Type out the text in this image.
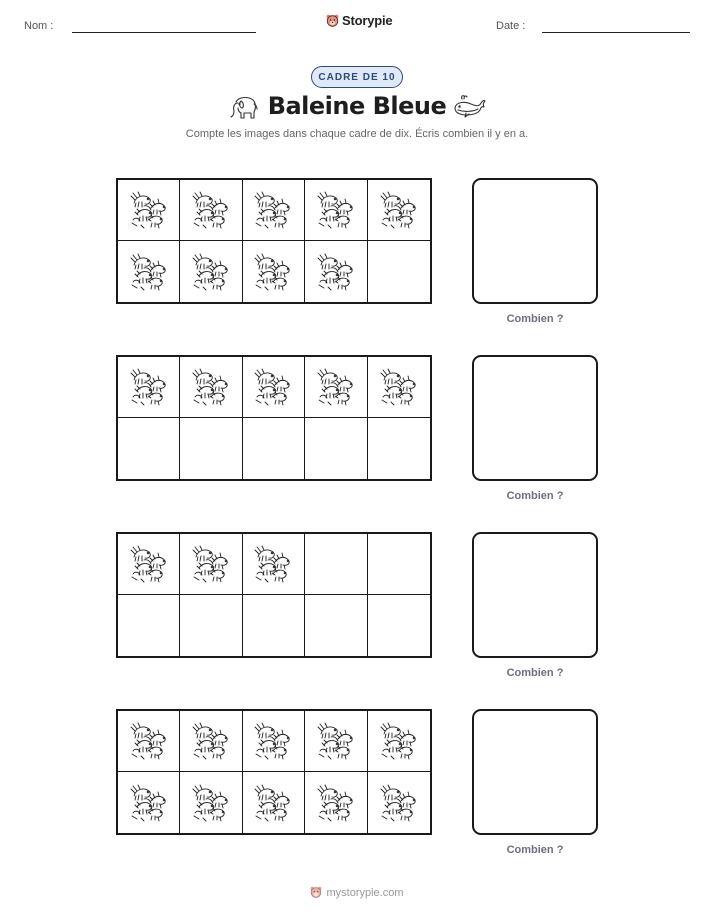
Nom :	Storypie	Date :
CADRE DE 10
Baleine Bleue
Compte les images dans chaque cadre de dix. Écris combien il y en a.
Combien ?
Combien ?
Combien ?
Combien ?
mystorypie.com
